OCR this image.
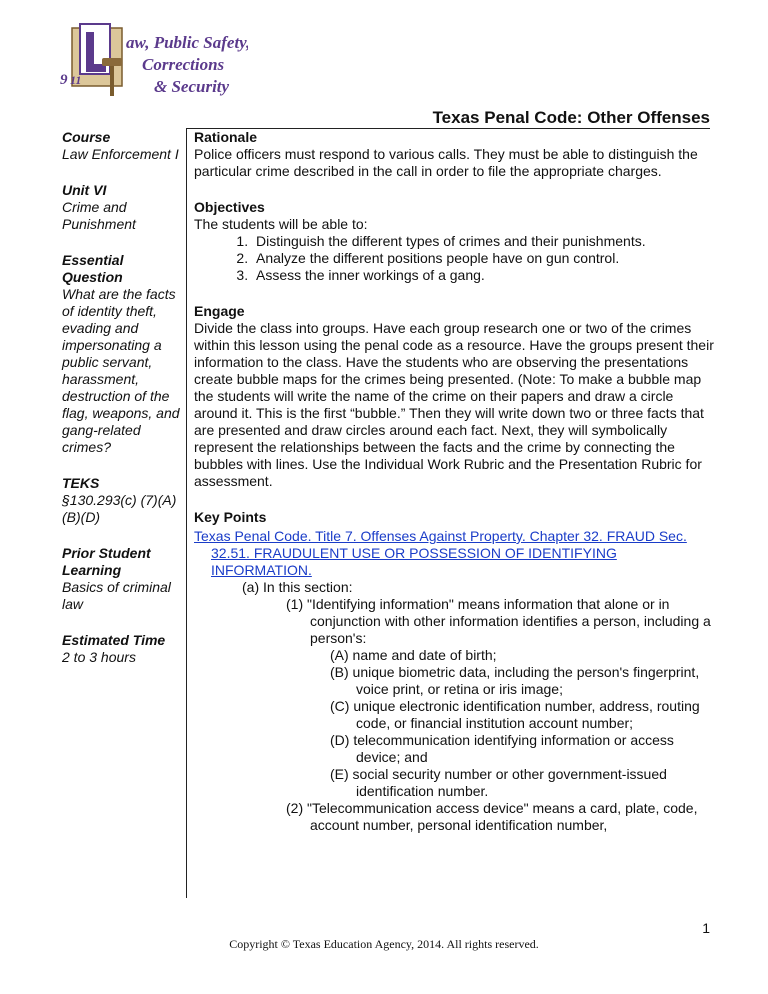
9 11
aw, Public Safety,
Corrections
& Security
Texas Penal Code: Other Offenses
Course
Law Enforcement I
Unit VI
Crime and Punishment
Essential Question
What are the facts of identity theft, evading and impersonating a public servant, harassment, destruction of the flag, weapons, and gang-related crimes?
TEKS
§130.293(c) (7)(A)(B)(D)
Prior Student Learning
Basics of criminal law
Estimated Time
2 to 3 hours
Rationale
Police officers must respond to various calls. They must be able to distinguish the particular crime described in the call in order to file the appropriate charges.
Objectives
The students will be able to:
1. Distinguish the different types of crimes and their punishments.
2. Analyze the different positions people have on gun control.
3. Assess the inner workings of a gang.
Engage
Divide the class into groups. Have each group research one or two of the crimes within this lesson using the penal code as a resource. Have the groups present their information to the class. Have the students who are observing the presentations create bubble maps for the crimes being presented. (Note: To make a bubble map the students will write the name of the crime on their papers and draw a circle around it. This is the first “bubble.” Then they will write down two or three facts that are presented and draw circles around each fact. Next, they will symbolically represent the relationships between the facts and the crime by connecting the bubbles with lines. Use the Individual Work Rubric and the Presentation Rubric for assessment.
Key Points
Texas Penal Code. Title 7. Offenses Against Property. Chapter 32. FRAUD Sec. 32.51. FRAUDULENT USE OR POSSESSION OF IDENTIFYING INFORMATION.
(a) In this section:
(1) "Identifying information" means information that alone or in conjunction with other information identifies a person, including a person's:
(A) name and date of birth;
(B) unique biometric data, including the person's fingerprint, voice print, or retina or iris image;
(C) unique electronic identification number, address, routing code, or financial institution account number;
(D) telecommunication identifying information or access device; and
(E) social security number or other government-issued identification number.
(2) "Telecommunication access device" means a card, plate, code, account number, personal identification number,
1
Copyright © Texas Education Agency, 2014. All rights reserved.
